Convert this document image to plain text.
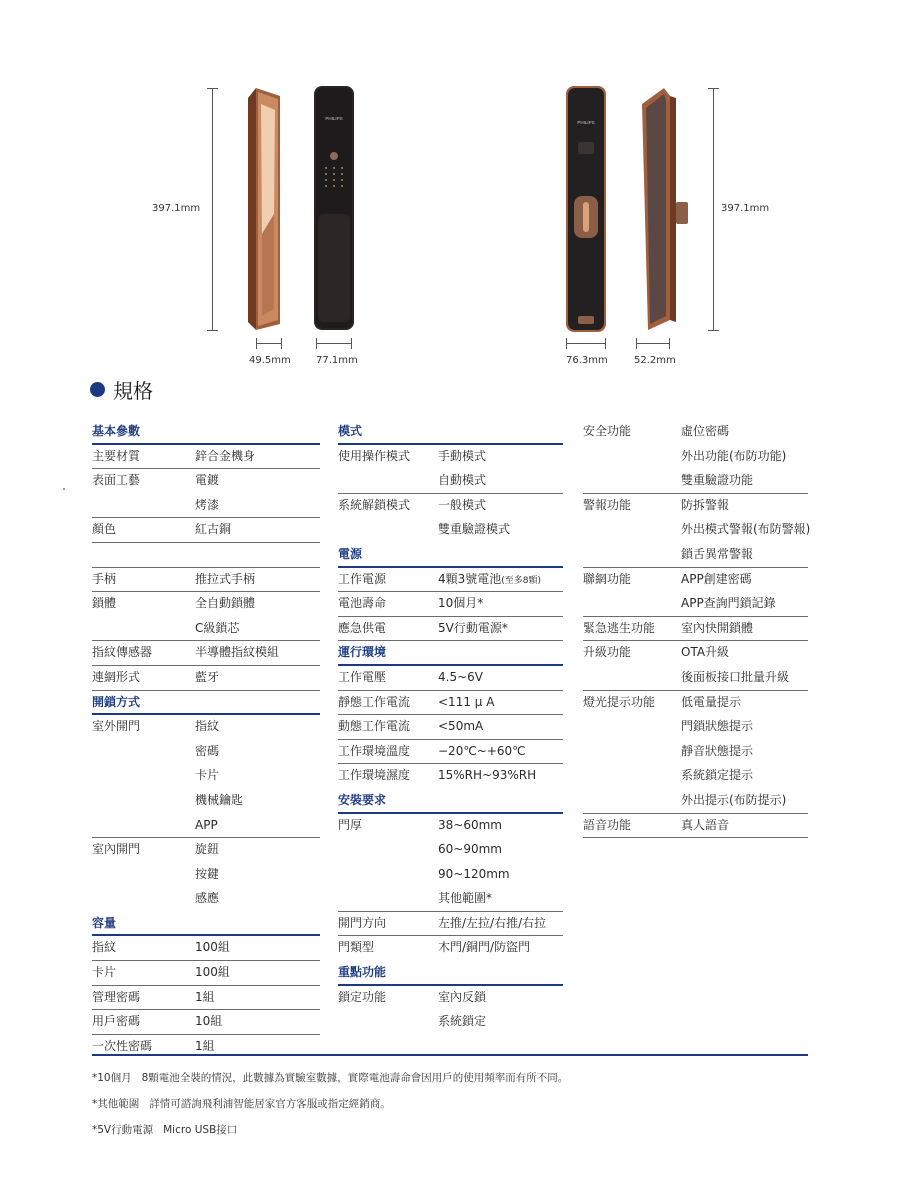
397.1mm
PHILIPS
49.5mm	77.1mm
PHILIPS
76.3mm	52.2mm
397.1mm
規格
基本參數
主要材質	鋅合金機身
表面工藝	電鍍
烤漆
顏色	紅古銅
手柄	推拉式手柄
鎖體	全自動鎖體
C級鎖芯
指紋傳感器	半導體指紋模組
連網形式	藍牙
開鎖方式
室外開門	指紋
密碼
卡片
機械鑰匙
APP
室內開門	旋鈕
按鍵
感應
容量
指紋	100組
卡片	100組
管理密碼	1組
用戶密碼	10組
一次性密碼	1組
模式
使用操作模式 手動模式
自動模式
系統解鎖模式 一般模式
雙重驗證模式
電源
工作電源	4顆3號電池(至多8顆)
電池壽命	10個月*
應急供電	5V行動電源*
運行環境
工作電壓	4.5~6V
靜態工作電流 <111 μ A
動態工作電流 <50mA
工作環境溫度 −20℃~+60℃
工作環境濕度 15%RH~93%RH
安裝要求
門厚	38~60mm
60~90mm
90~120mm
其他範圍*
開門方向	左推/左拉/右推/右拉
門類型	木門/銅門/防盜門
重點功能
鎖定功能	室內反鎖
系統鎖定
安全功能	虛位密碼
外出功能(布防功能)
雙重驗證功能
警報功能	防拆警報
外出模式警報(布防警報)
鎖舌異常警報
聯網功能	APP創建密碼
APP查詢門鎖記錄
緊急逃生功能 室內快開鎖體
升級功能	OTA升級
後面板接口批量升級
燈光提示功能 低電量提示
門鎖狀態提示
靜音狀態提示
系統鎖定提示
外出提示(布防提示)
語音功能	真人語音
*10個月 8顆電池全裝的情況，此數據為實驗室數據，實際電池壽命會因用戶的使用頻率而有所不同。
*其他範圍 詳情可諮詢飛利浦智能居家官方客服或指定經銷商。
*5V行動電源 Micro USB接口
